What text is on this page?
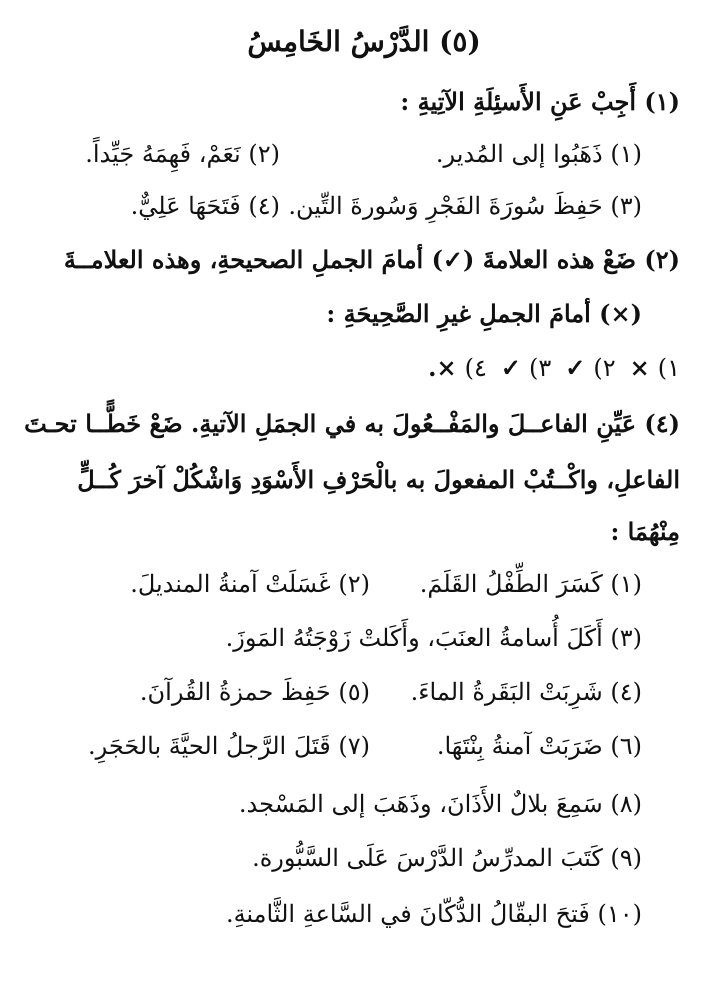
(٥) الدَّرْسُ الخَامِسُ
(١) أَجِبْ عَنِ الأَسئِلَةِ الآتِيةِ :
(١) ذَهَبُوا إلى المُدير.
(٢) نَعَمْ، فَهِمَهُ جَيِّداً.
(٣) حَفِظَ سُورَةَ الفَجْرِ وَسُورةَ التِّين.
(٤) فَتَحَهَا عَلِيٌّ.
(٢) ضَعْ هذه العلامةَ (✓) أمامَ الجملِ الصحيحةِ، وهذه العلامــةَ
(×) أمامَ الجملِ غيرِ الصَّحِيحَةِ :
١)
×
٢)
✓
٣)
✓
٤)
×.
(٤) عَيِّنِ الفاعــلَ والمَفْــعُولَ به في الجمَلِ الآتيةِ. ضَعْ خَطًّــا تحـتَ
الفاعلِ، واكْــتُبْ المفعولَ به بالْحَرْفِ الأَسْوَدِ وَاشْكُلْ آخرَ كُــلٍّ
مِنْهُمَا :
(١) كَسَرَ الطِّفْلُ القَلَمَ.
(٢) غَسَلَتْ آمنةُ المنديلَ.
(٣) أَكَلَ أُسامةُ العنَبَ، وأَكَلتْ زَوْجَتُهُ المَوزَ.
(٤) شَرِبَتْ البَقَرةُ الماءَ.
(٥) حَفِظَ حمزةُ القُرآنَ.
(٦) ضَرَبَتْ آمنةُ بِنْتَهَا.
(٧) قَتَلَ الرَّجلُ الحيَّةَ بالحَجَرِ.
(٨) سَمِعَ بلالٌ الأَذَانَ، وذَهَبَ إلى المَسْجد.
(٩) كَتَبَ المدرِّسُ الدَّرْسَ عَلَى السَّبُّورة.
(١٠) فَتحَ البقّالُ الدُّكّانَ في السَّاعةِ الثَّامنةِ.
